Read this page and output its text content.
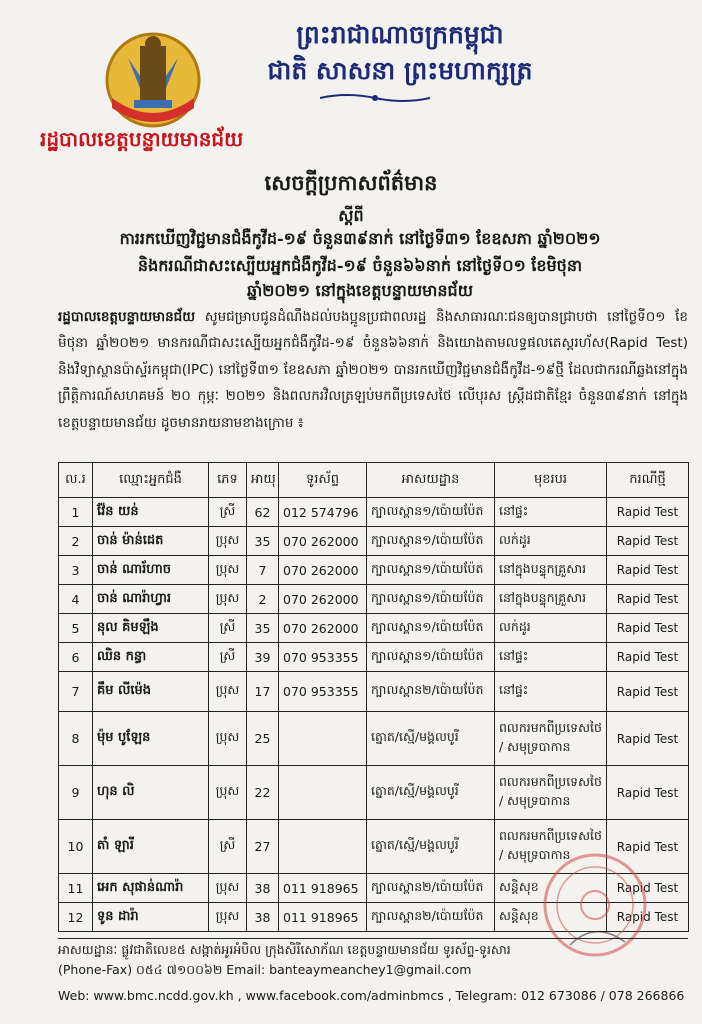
ព្រះរាជាណាចក្រកម្ពុជា
ជាតិ សាសនា ព្រះមហាក្សត្រ
រដ្ឋបាលខេត្តបន្ទាយមានជ័យ
សេចក្តីប្រកាសព័ត៌មាន
ស្តីពី
ការរកឃើញវិជ្ជមានជំងឺកូវីដ-១៩ ចំនួន៣៩នាក់ នៅថ្ងៃទី៣១ ខែឧសភា ឆ្នាំ២០២១
និងករណីជាសះស្បើយអ្នកជំងឺកូវីដ-១៩ ចំនួន៦៦នាក់ នៅថ្ងៃទី០១ ខែមិថុនា
ឆ្នាំ២០២១ នៅក្នុងខេត្តបន្ទាយមានជ័យ
រដ្ឋបាលខេត្តបន្ទាយមានជ័យ សូមជម្រាបជូនដំណឹងដល់បងប្អូនប្រជាពលរដ្ឋ និងសាធារណៈជនឲ្យបានជ្រាបថា នៅថ្ងៃទី០១ ខែមិថុនា ឆ្នាំ២០២១ មានករណីជាសះស្បើយអ្នកជំងឺកូវីដ-១៩ ចំនួន៦៦នាក់ និងយោងតាមលទ្ធផលតេស្តរហ័ស(Rapid Test) និងវិទ្យាស្ថានប៉ាស្ទ័រកម្ពុជា(IPC) នៅថ្ងៃទី៣១ ខែឧសភា ឆ្នាំ២០២១ បានរកឃើញវិជ្ជមានជំងឺកូវីដ-១៩ថ្មី ដែលជាករណីឆ្លងនៅក្នុងព្រឹត្តិការណ៍សហគមន៍ ២០ កុម្ភៈ ២០២១ និងពលករវិលត្រឡប់មកពីប្រទេសថៃ លើបុរស ស្ត្រីដជាតិខ្មែរ ចំនួន៣៩នាក់ នៅក្នុងខេត្តបន្ទាយមានជ័យ ដូចមានរាយនាមខាងក្រោម ៖
ល.រ	ឈ្មោះអ្នកជំងឺ	ភេទ	អាយុ	ទូរស័ព្ទ	អាសយដ្ឋាន	មុខរបរ	ករណីថ្មី
1	វ៉ែន យន់	ស្រី	62	012 574796	ក្បាលស្ពាន១/ប៉ោយប៉ែត	នៅផ្ទះ	Rapid Test
2	ចាន់ ម៉ាន់ដេត	ប្រុស	35	070 262000	ក្បាលស្ពាន១/ប៉ោយប៉ែត	លក់ដូរ	Rapid Test
3	ចាន់ ណារ័ហាច	ប្រុស	7	070 262000	ក្បាលស្ពាន១/ប៉ោយប៉ែត	នៅក្នុងបន្ទុកគ្រួសារ	Rapid Test
4	ចាន់ ណារ៉ាហ្វារ	ប្រុស	2	070 262000	ក្បាលស្ពាន១/ប៉ោយប៉ែត	នៅក្នុងបន្ទុកគ្រួសារ	Rapid Test
5	នុល គិមឡឹង	ស្រី	35	070 262000	ក្បាលស្ពាន១/ប៉ោយប៉ែត	លក់ដូរ	Rapid Test
6	ឈិន កន្ធា	ស្រី	39	070 953355	ក្បាលស្ពាន១/ប៉ោយប៉ែត	នៅផ្ទះ	Rapid Test
7	គឹម លីម៉េង	ប្រុស	17	070 953355	ក្បាលស្ពាន២/ប៉ោយប៉ែត	នៅផ្ទះ	Rapid Test
8	ម៉ុម បូឡែន	ប្រុស	25		ត្នោត/ស្មើ/មង្គលបូរី	ពលករមកពីប្រទេសថៃ / សមុទ្របាកាន	Rapid Test
9	ហុន លិ	ប្រុស	22		ត្នោត/ស្មើ/មង្គលបូរី	ពលករមកពីប្រទេសថៃ / សមុទ្របាកាន	Rapid Test
10	តាំ ឡារី	ស្រី	27		ត្នោត/ស្មើ/មង្គលបូរី	ពលករមកពីប្រទេសថៃ / សមុទ្របាកាន	Rapid Test
11	អេក សុផាន់ណារ៉ា	ប្រុស	38	011 918965	ក្បាលស្ពាន២/ប៉ោយប៉ែត	សន្តិសុខ	Rapid Test
12	ទូន ដារ៉ា	ប្រុស	38	011 918965	ក្បាលស្ពាន២/ប៉ោយប៉ែត	សន្តិសុខ	Rapid Test
អាសយដ្ឋានៈ ផ្លូវជាតិលេខ៥ សង្កាត់អូរអំបិល ក្រុងសិរីសោភ័ណ ខេត្តបន្ទាយមានជ័យ ទូរស័ព្ទ-ទូរសារ
(Phone-Fax) ០៥៤ ៧១០០៦២ Email: banteaymeanchey1@gmail.com
Web: www.bmc.ncdd.gov.kh , www.facebook.com/adminbmcs , Telegram: 012 673086 / 078 266866
